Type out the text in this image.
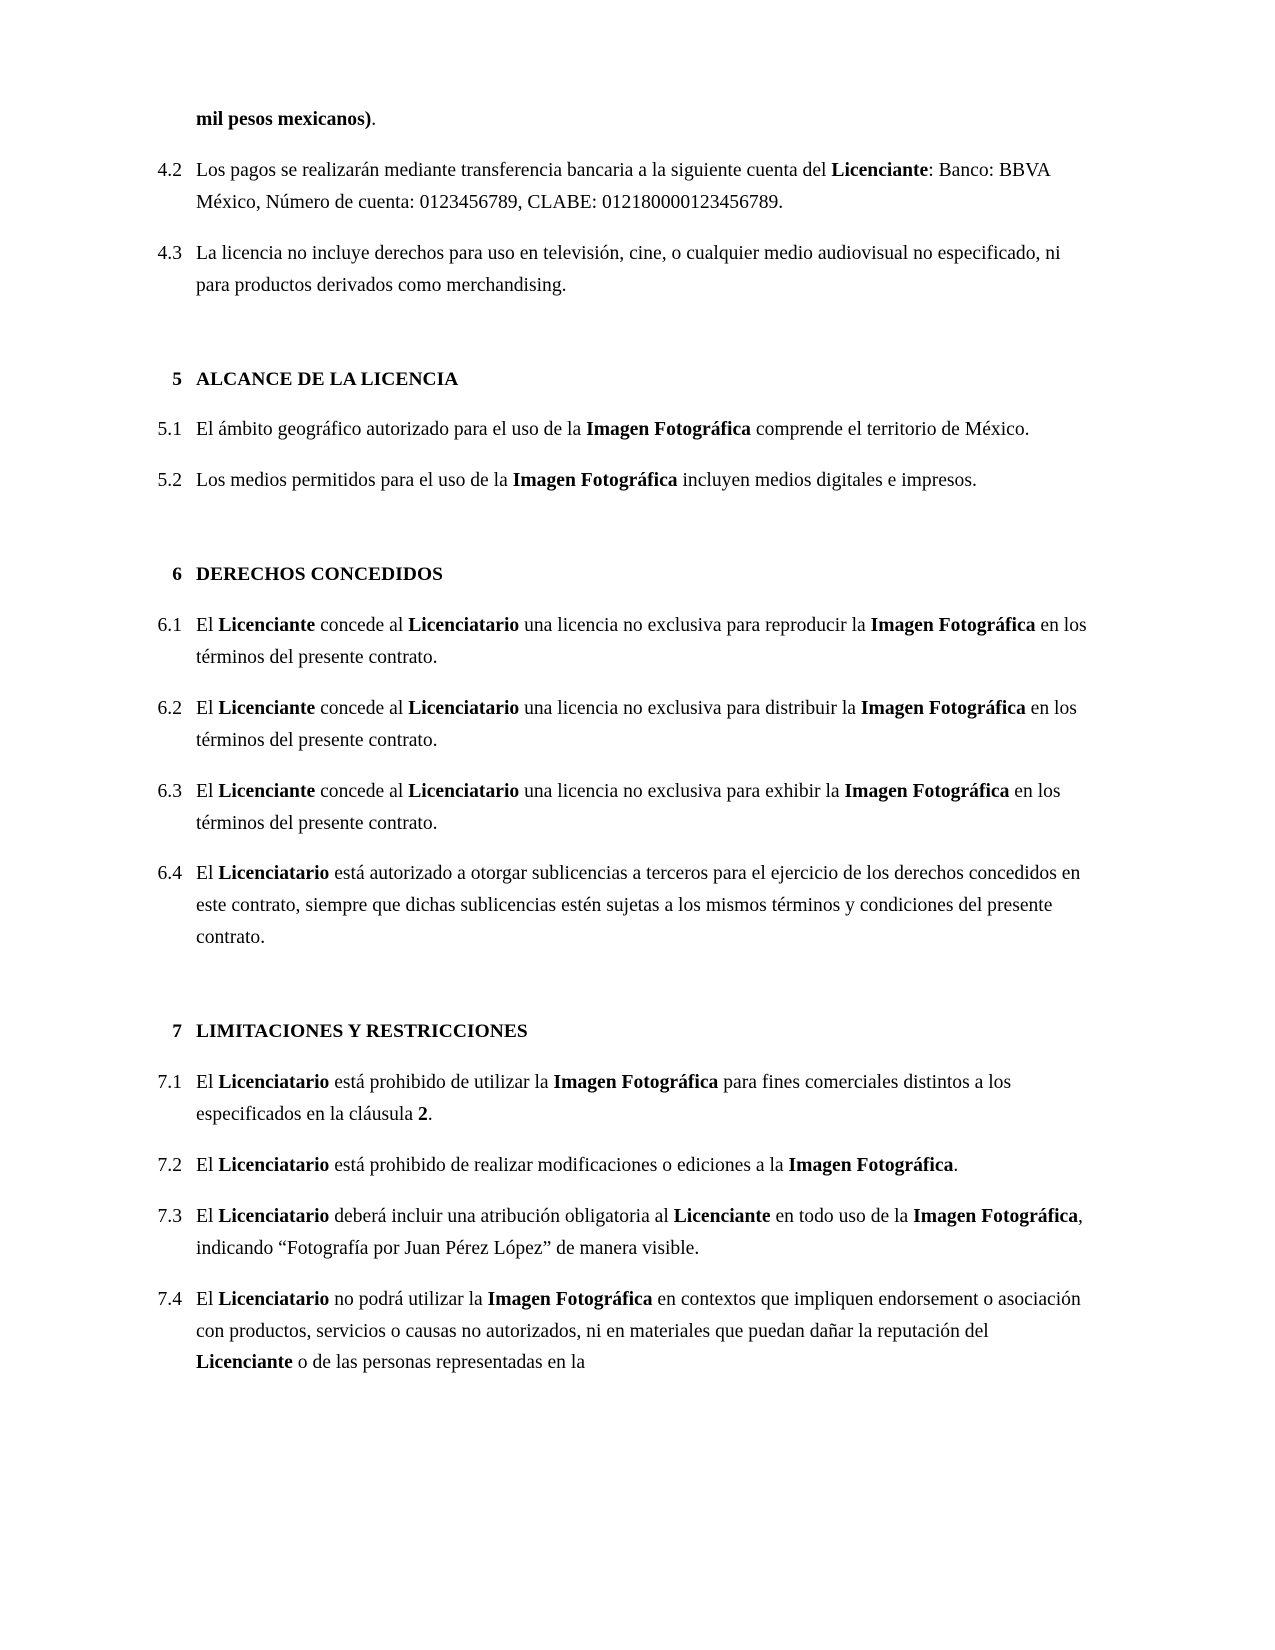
mil pesos mexicanos).

4.2 Los pagos se realizarán mediante transferencia bancaria a la siguiente cuenta del Licenciante: Banco: BBVA México, Número de cuenta: 0123456789, CLABE: 012180000123456789.
4.3 La licencia no incluye derechos para uso en televisión, cine, o cualquier medio audiovisual no especificado, ni para productos derivados como merchandising.
5 ALCANCE DE LA LICENCIA
5.1 El ámbito geográfico autorizado para el uso de la Imagen Fotográfica comprende el territorio de México.
5.2 Los medios permitidos para el uso de la Imagen Fotográfica incluyen medios digitales e impresos.
6 DERECHOS CONCEDIDOS
6.1 El Licenciante concede al Licenciatario una licencia no exclusiva para reproducir la Imagen Fotográfica en los términos del presente contrato.
6.2 El Licenciante concede al Licenciatario una licencia no exclusiva para distribuir la Imagen Fotográfica en los términos del presente contrato.
6.3 El Licenciante concede al Licenciatario una licencia no exclusiva para exhibir la Imagen Fotográfica en los términos del presente contrato.
6.4 El Licenciatario está autorizado a otorgar sublicencias a terceros para el ejercicio de los derechos concedidos en este contrato, siempre que dichas sublicencias estén sujetas a los mismos términos y condiciones del presente contrato.
7 LIMITACIONES Y RESTRICCIONES
7.1 El Licenciatario está prohibido de utilizar la Imagen Fotográfica para fines comerciales distintos a los especificados en la cláusula 2.
7.2 El Licenciatario está prohibido de realizar modificaciones o ediciones a la Imagen Fotográfica.
7.3 El Licenciatario deberá incluir una atribución obligatoria al Licenciante en todo uso de la Imagen Fotográfica, indicando “Fotografía por Juan Pérez López” de manera visible.
7.4 El Licenciatario no podrá utilizar la Imagen Fotográfica en contextos que impliquen endorsement o asociación con productos, servicios o causas no autorizados, ni en materiales que puedan dañar la reputación del Licenciante o de las personas representadas en la
